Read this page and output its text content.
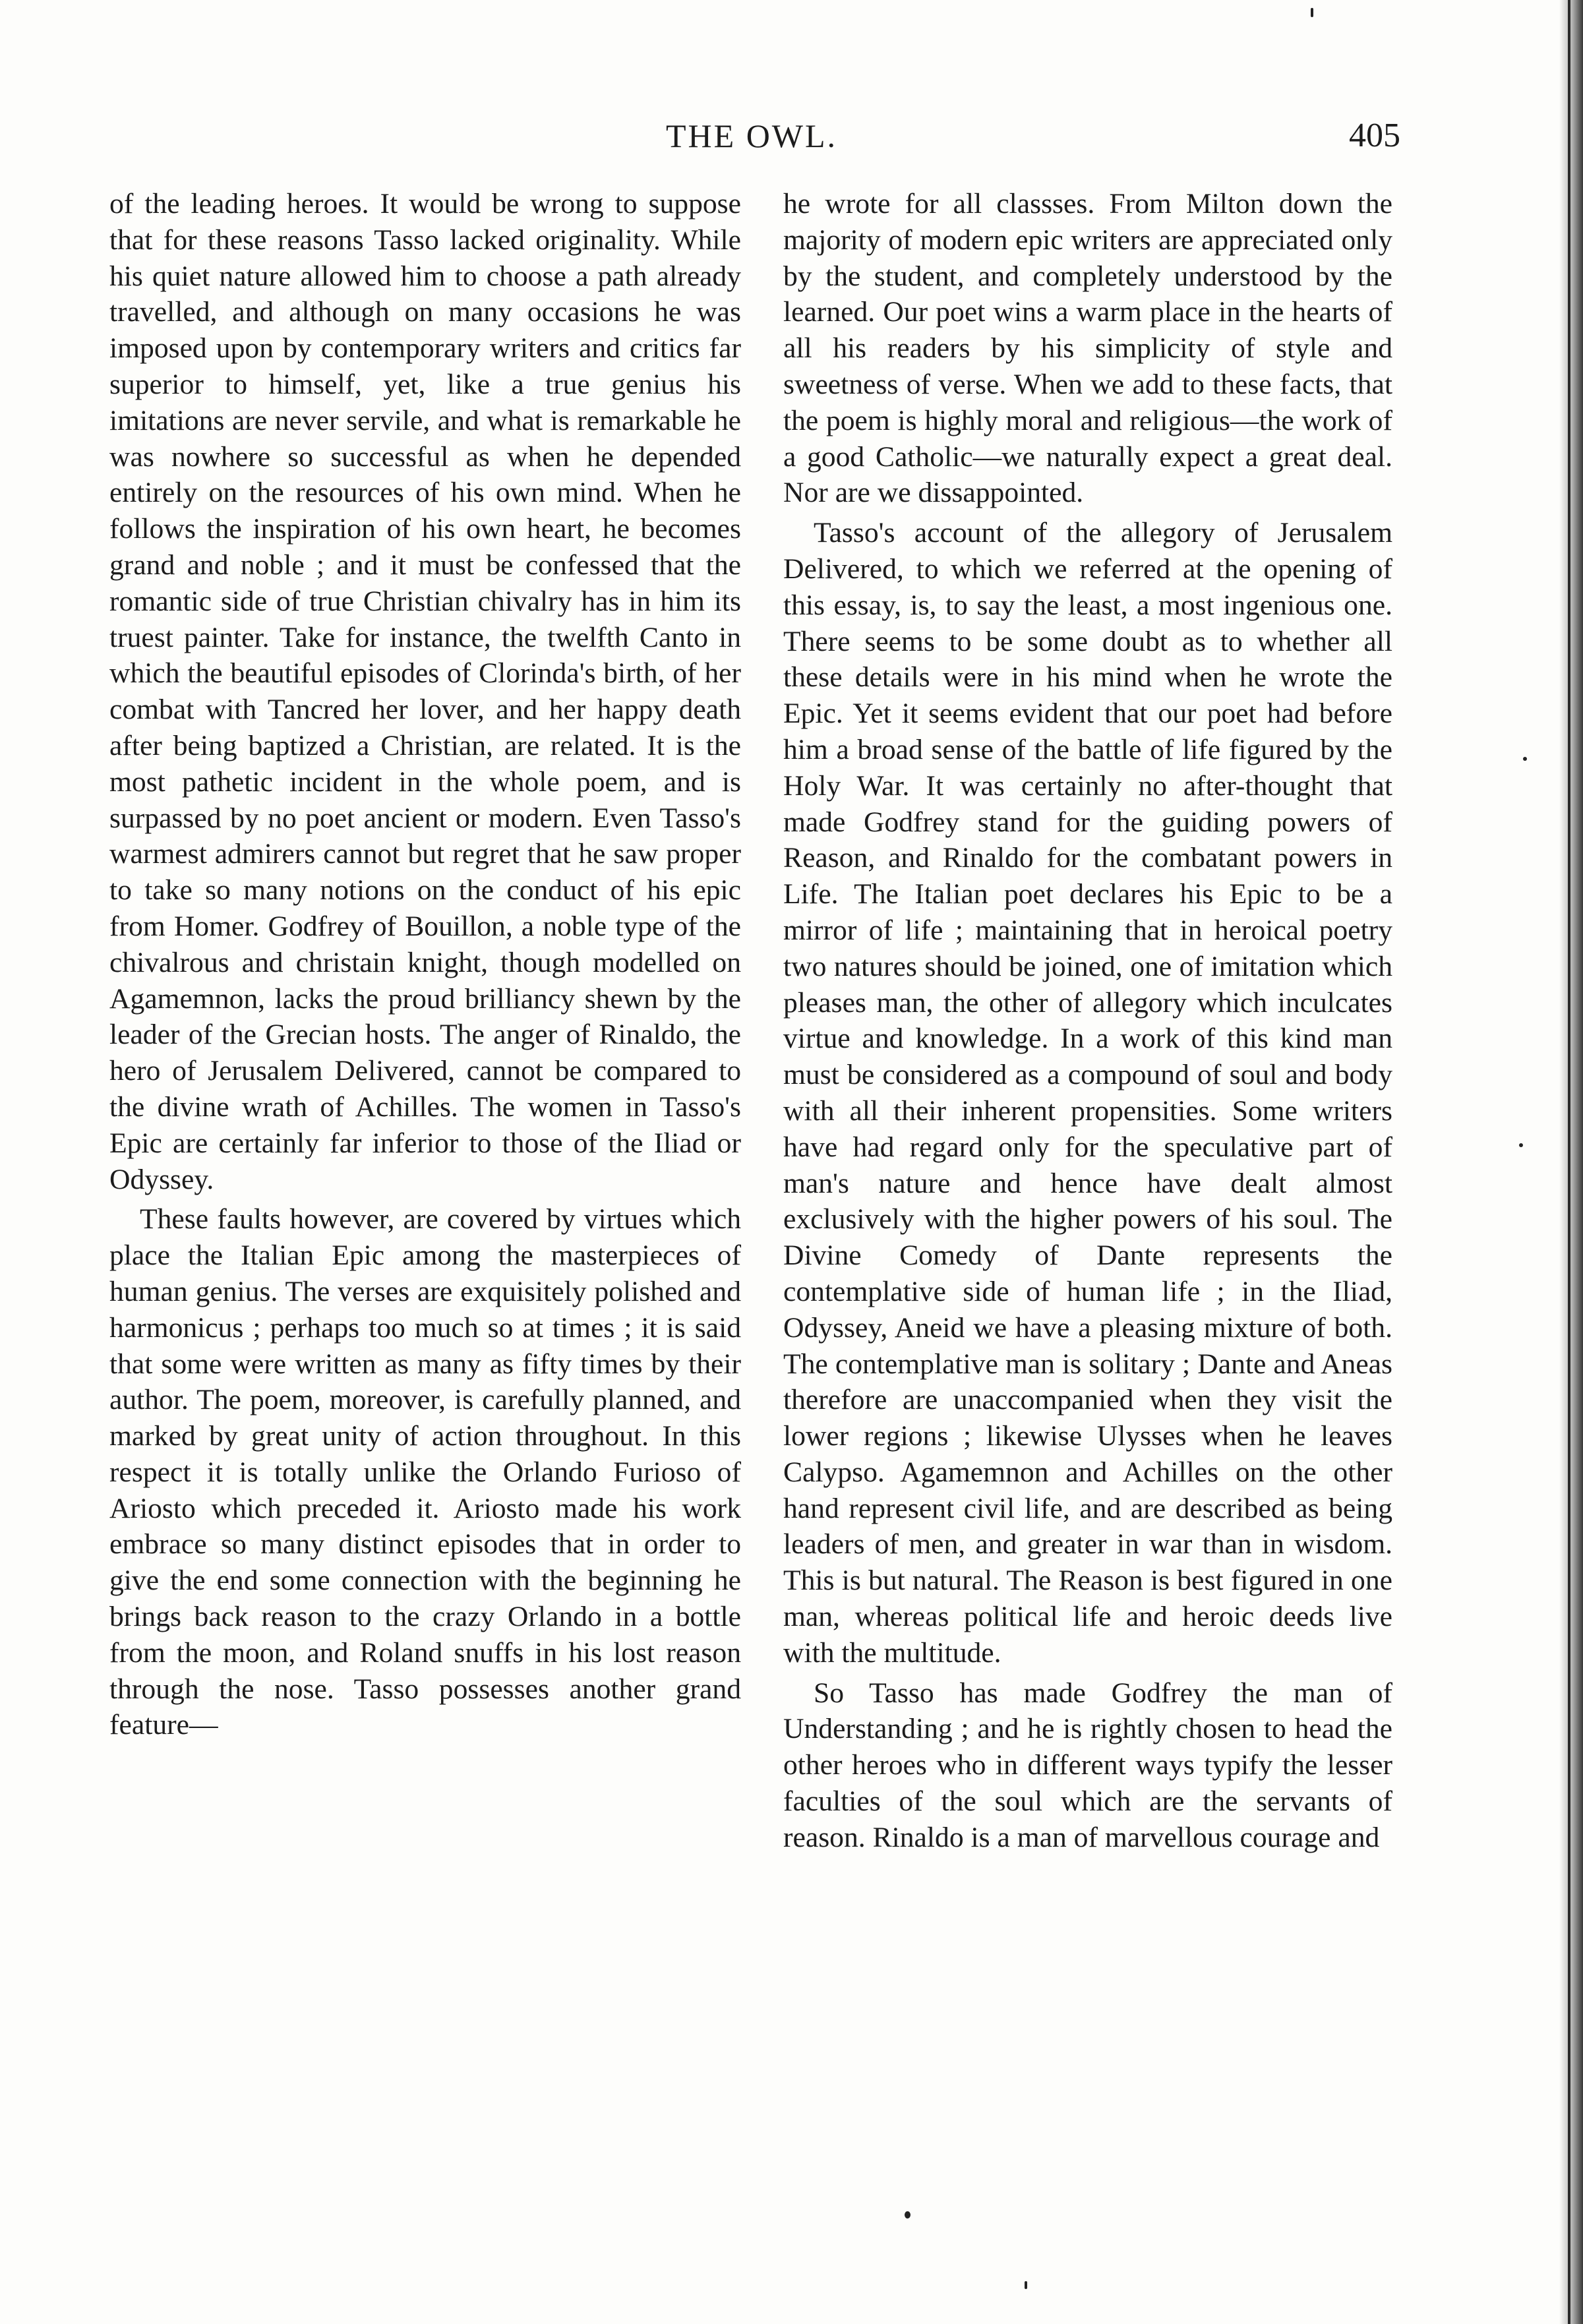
THE OWL.	405

of the leading heroes. It would be wrong to suppose that for these reasons Tasso lacked originality. While his quiet nature allowed him to choose a path already travelled, and although on many occasions he was imposed upon by contemporary writers and critics far superior to himself, yet, like a true genius his imitations are never servile, and what is remarkable he was nowhere so successful as when he depended entirely on the resources of his own mind. When he follows the inspiration of his own heart, he becomes grand and noble ; and it must be confessed that the romantic side of true Christian chivalry has in him its truest painter. Take for instance, the twelfth Canto in which the beautiful episodes of Clorinda's birth, of her combat with Tancred her lover, and her happy death after being baptized a Christian, are related. It is the most pathetic incident in the whole poem, and is surpassed by no poet ancient or modern. Even Tasso's warmest admirers cannot but regret that he saw proper to take so many notions on the conduct of his epic from Homer. Godfrey of Bouillon, a noble type of the chivalrous and christain knight, though modelled on Agamemnon, lacks the proud brilliancy shewn by the leader of the Grecian hosts. The anger of Rinaldo, the hero of Jerusalem Delivered, cannot be compared to the divine wrath of Achilles. The women in Tasso's Epic are certainly far inferior to those of the Iliad or Odyssey.

These faults however, are covered by virtues which place the Italian Epic among the masterpieces of human genius. The verses are exquisitely polished and harmonicus ; perhaps too much so at times ; it is said that some were written as many as fifty times by their author. The poem, moreover, is carefully planned, and marked by great unity of action throughout. In this respect it is totally unlike the Orlando Furioso of Ariosto which preceded it. Ariosto made his work embrace so many distinct episodes that in order to give the end some connection with the beginning he brings back reason to the crazy Orlando in a bottle from the moon, and Roland snuffs in his lost reason through the nose. Tasso possesses another grand feature—

he wrote for all classses. From Milton down the majority of modern epic writers are appreciated only by the student, and completely understood by the learned. Our poet wins a warm place in the hearts of all his readers by his simplicity of style and sweetness of verse. When we add to these facts, that the poem is highly moral and religious—the work of a good Catholic—we naturally expect a great deal. Nor are we dissappointed.

Tasso's account of the allegory of Jerusalem Delivered, to which we referred at the opening of this essay, is, to say the least, a most ingenious one. There seems to be some doubt as to whether all these details were in his mind when he wrote the Epic. Yet it seems evident that our poet had before him a broad sense of the battle of life figured by the Holy War. It was certainly no after-thought that made Godfrey stand for the guiding powers of Reason, and Rinaldo for the combatant powers in Life. The Italian poet declares his Epic to be a mirror of life ; maintaining that in heroical poetry two natures should be joined, one of imitation which pleases man, the other of allegory which inculcates virtue and knowledge. In a work of this kind man must be considered as a compound of soul and body with all their inherent propensities. Some writers have had regard only for the speculative part of man's nature and hence have dealt almost exclusively with the higher powers of his soul. The Divine Comedy of Dante represents the contemplative side of human life ; in the Iliad, Odyssey, Aneid we have a pleasing mixture of both. The contemplative man is solitary ; Dante and Aneas therefore are unaccompanied when they visit the lower regions ; likewise Ulysses when he leaves Calypso. Agamemnon and Achilles on the other hand represent civil life, and are described as being leaders of men, and greater in war than in wisdom. This is but natural. The Reason is best figured in one man, whereas political life and heroic deeds live with the multitude.

So Tasso has made Godfrey the man of Understanding ; and he is rightly chosen to head the other heroes who in different ways typify the lesser faculties of the soul which are the servants of reason. Rinaldo is a man of marvellous courage and
